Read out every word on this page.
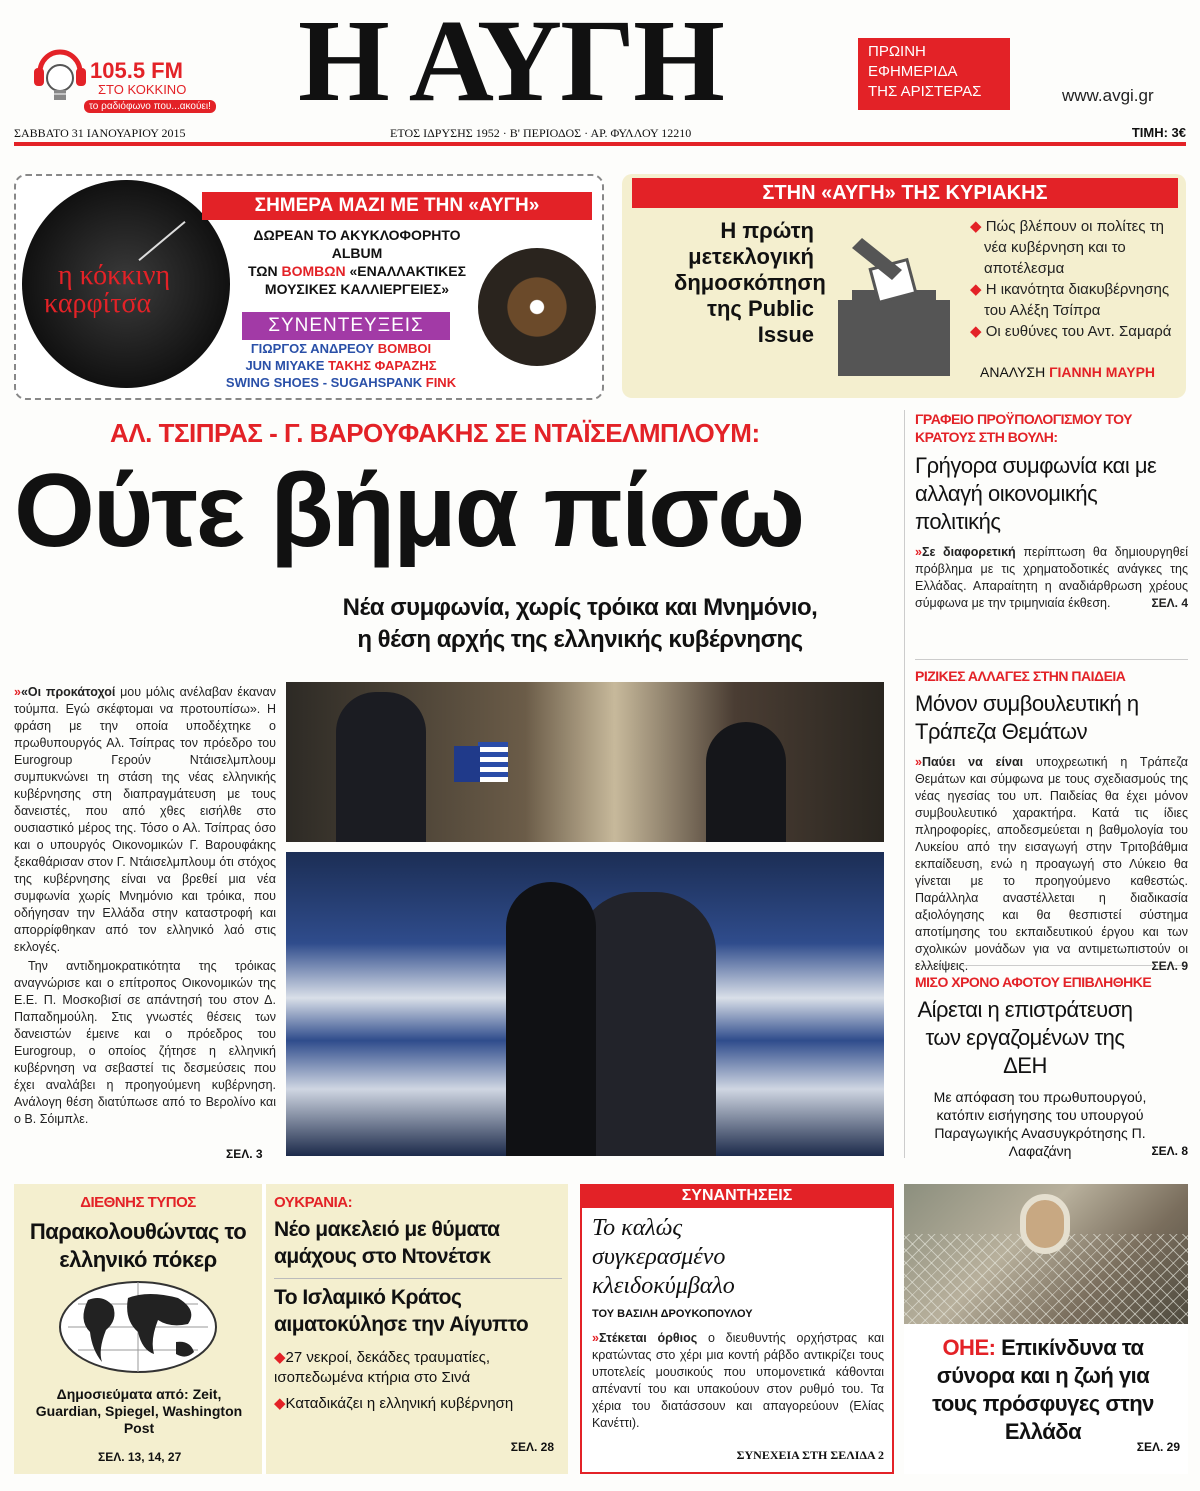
105.5 FM
ΣΤΟ ΚΟΚΚΙΝΟ
το ραδιόφωνο που...ακούει! Η ΑΥΓΗ	ΠΡΩΙΝΗ
ΕΦΗΜΕΡΙΔΑ
ΤΗΣ ΑΡΙΣΤΕΡΑΣ	www.avgi.gr
ΣΑΒΒΑΤΟ 31 ΙΑΝΟΥΑΡΙΟΥ 2015	ΕΤΟΣ ΙΔΡΥΣΗΣ 1952 · Β' ΠΕΡΙΟΔΟΣ · ΑΡ. ΦΥΛΛΟΥ 12210	ΤΙΜΗ: 3€
η κόκκινη
καρφίτσα
ΣΗΜΕΡΑ ΜΑΖΙ ΜΕ ΤΗΝ «ΑΥΓΗ»
ΔΩΡΕΑΝ ΤΟ ΑΚΥΚΛΟΦΟΡΗΤΟ ALBUM
ΤΩΝ ΒΟΜΒΩΝ «ΕΝΑΛΛΑΚΤΙΚΕΣ
ΜΟΥΣΙΚΕΣ ΚΑΛΛΙΕΡΓΕΙΕΣ»
ΣΥΝΕΝΤΕΥΞΕΙΣ
ΓΙΩΡΓΟΣ ΑΝΔΡΕΟΥ ΒΟΜΒΟΙ
JUN ΜΙΥΑΚΕ ΤΑΚΗΣ ΦΑΡΑΖΗΣ
SWING SHOES - SUGAHSPANK FINK
ΣΤΗΝ «ΑΥΓΗ» ΤΗΣ ΚΥΡΙΑΚΗΣ
Η πρώτη
μετεκλογική
δημοσκόπηση
της Public
Issue
◆ Πώς βλέπουν οι πολίτες τη νέα κυβέρνηση και το αποτέλεσμα
◆ Η ικανότητα διακυβέρνησης του Αλέξη Τσίπρα
◆ Οι ευθύνες του Αντ. Σαμαρά
ΑΝΑΛΥΣΗ ΓΙΑΝΝΗ ΜΑΥΡΗ
ΑΛ. ΤΣΙΠΡΑΣ - Γ. ΒΑΡΟΥΦΑΚΗΣ ΣΕ ΝΤΑΪΣΕΛΜΠΛΟΥΜ:
Ούτε βήμα πίσω
Νέα συμφωνία, χωρίς τρόικα και Μνημόνιο,
η θέση αρχής της ελληνικής κυβέρνησης

»«Οι προκάτοχοί μου μόλις ανέλαβαν έκαναν τούμπα. Εγώ σκέφτομαι να προτουπίσω». Η φράση με την οποία υποδέχτηκε ο πρωθυπουργός Αλ. Τσίπρας τον πρόεδρο του Eurogroup Γερούν Ντάισελμπλουμ συμπυκνώνει τη στάση της νέας ελληνικής κυβέρνησης στη διαπραγμάτευση με τους δανειστές, που από χθες εισήλθε στο ουσιαστικό μέρος της. Τόσο ο Αλ. Τσίπρας όσο και ο υπουργός Οικονομικών Γ. Βαρουφάκης ξεκαθάρισαν στον Γ. Ντάισελμπλουμ ότι στόχος της κυβέρνησης είναι να βρεθεί μια νέα συμφωνία χωρίς Μνημόνιο και τρόικα, που οδήγησαν την Ελλάδα στην καταστροφή και απορρίφθηκαν από τον ελληνικό λαό στις εκλογές.

Την αντιδημοκρατικότητα της τρόικας αναγνώρισε και ο επίτροπος Οικονομικών της Ε.Ε. Π. Μοσκοβισί σε απάντησή του στον Δ. Παπαδημούλη. Στις γνωστές θέσεις των δανειστών έμεινε και ο πρόεδρος του Eurogroup, ο οποίος ζήτησε η ελληνική κυβέρνηση να σεβαστεί τις δεσμεύσεις που έχει αναλάβει η προηγούμενη κυβέρνηση. Ανάλογη θέση διατύπωσε από το Βερολίνο και ο Β. Σόιμπλε.

ΣΕΛ. 3
ΓΡΑΦΕΙΟ ΠΡΟΫΠΟΛΟΓΙΣΜΟΥ ΤΟΥ ΚΡΑΤΟΥΣ ΣΤΗ ΒΟΥΛΗ:
Γρήγορα συμφωνία και με αλλαγή οικονομικής πολιτικής
»Σε διαφορετική περίπτωση θα δημιουργηθεί πρόβλημα με τις χρηματοδοτικές ανάγκες της Ελλάδας. Απαραίτητη η αναδιάρθρωση χρέους σύμφωνα με την τριμηνιαία έκθεση.	ΣΕΛ. 4
ΡΙΖΙΚΕΣ ΑΛΛΑΓΕΣ ΣΤΗΝ ΠΑΙΔΕΙΑ
Μόνον συμβουλευτική η Τράπεζα Θεμάτων
»Παύει να είναι υποχρεωτική η Τράπεζα Θεμάτων και σύμφωνα με τους σχεδιασμούς της νέας ηγεσίας του υπ. Παιδείας θα έχει μόνον συμβουλευτικό χαρακτήρα. Κατά τις ίδιες πληροφορίες, αποδεσμεύεται η βαθμολογία του Λυκείου από την εισαγωγή στην Τριτοβάθμια εκπαίδευση, ενώ η προαγωγή στο Λύκειο θα γίνεται με το προηγούμενο καθεστώς. Παράλληλα αναστέλλεται η διαδικασία αξιολόγησης και θα θεσπιστεί σύστημα αποτίμησης του εκπαιδευτικού έργου και των σχολικών μονάδων για να αντιμετωπιστούν οι ελλείψεις.	ΣΕΛ. 9
ΜΙΣΟ ΧΡΟΝΟ ΑΦΟΤΟΥ ΕΠΙΒΛΗΘΗΚΕ
Αίρεται η επιστράτευση των εργαζομένων της ΔΕΗ
Με απόφαση του πρωθυπουργού, κατόπιν εισήγησης του υπουργού Παραγωγικής Ανασυγκρότησης Π. Λαφαζάνη	ΣΕΛ. 8
ΔΙΕΘΝΗΣ ΤΥΠΟΣ
Παρακολουθώντας το ελληνικό πόκερ
Δημοσιεύματα από: Zeit, Guardian, Spiegel, Washington Post
ΣΕΛ. 13, 14, 27
ΟΥΚΡΑΝΙΑ:
Νέο μακελειό με θύματα αμάχους στο Ντονέτσκ
Το Ισλαμικό Κράτος αιματοκύλησε την Αίγυπτο
◆27 νεκροί, δεκάδες τραυματίες, ισοπεδωμένα κτήρια στο Σινά
◆Καταδικάζει η ελληνική κυβέρνηση
ΣΕΛ. 28
ΣΥΝΑΝΤΗΣΕΙΣ
Το καλώς συγκερασμένο κλειδοκύμβαλο
ΤΟΥ ΒΑΣΙΛΗ ΔΡΟΥΚΟΠΟΥΛΟΥ
»Στέκεται όρθιος ο διευθυντής ορχήστρας και κρατώντας στο χέρι μια κοντή ράβδο αντικρίζει τους υποτελείς μουσικούς που υπομονετικά κάθονται απέναντί του και υπακούουν στον ρυθμό του. Τα χέρια του διατάσσουν και απαγορεύουν (Ελίας Κανέττι).
ΣΥΝΕΧΕΙΑ ΣΤΗ ΣΕΛΙΔΑ 2
ΟΗΕ: Επικίνδυνα τα σύνορα και η ζωή για τους πρόσφυγες στην Ελλάδα
ΣΕΛ. 29
